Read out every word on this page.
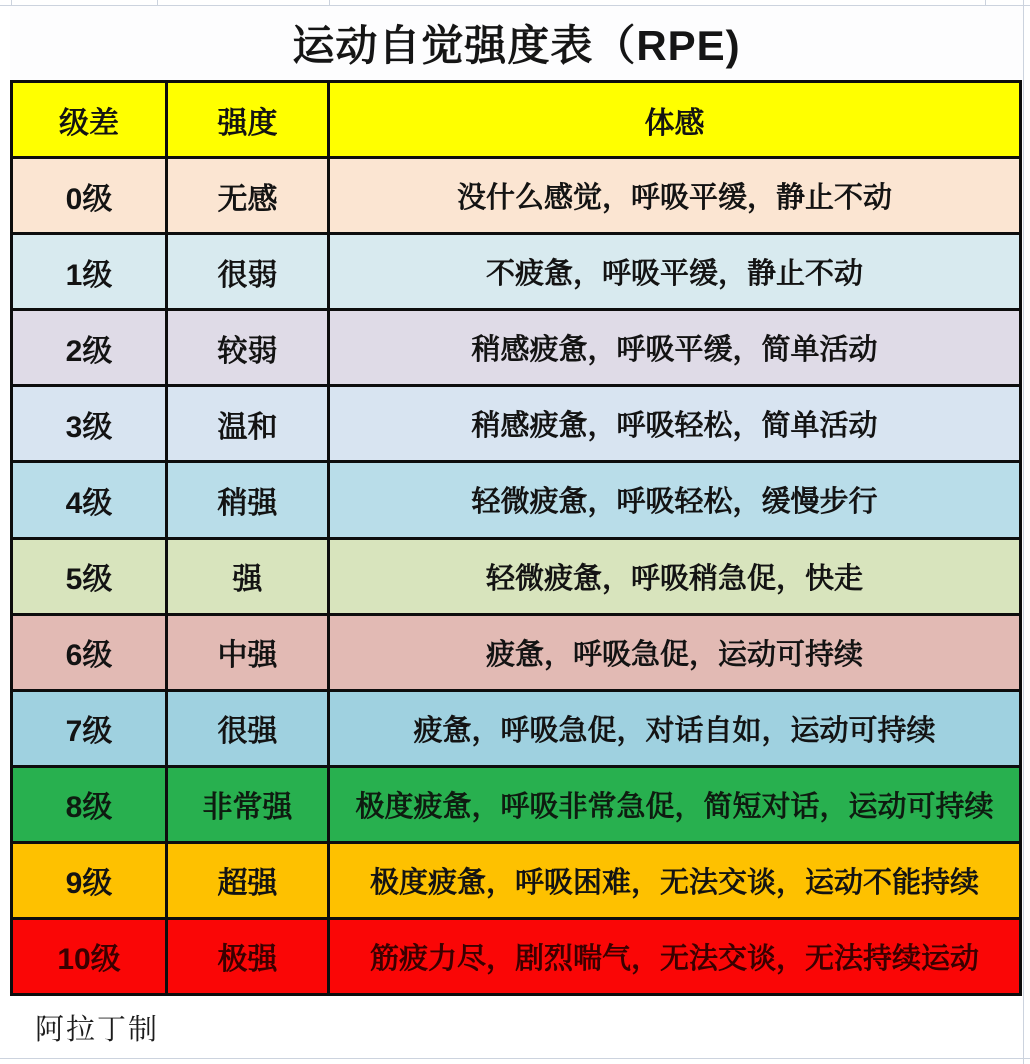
运动自觉强度表（RPE)
级差	强度	体感
0级	无感	没什么感觉，呼吸平缓，静止不动
1级	很弱	不疲惫，呼吸平缓，静止不动
2级	较弱	稍感疲惫，呼吸平缓，简单活动
3级	温和	稍感疲惫，呼吸轻松，简单活动
4级	稍强	轻微疲惫，呼吸轻松，缓慢步行
5级	强	轻微疲惫，呼吸稍急促，快走
6级	中强	疲惫，呼吸急促，运动可持续
7级	很强	疲惫，呼吸急促，对话自如，运动可持续
8级	非常强	极度疲惫，呼吸非常急促，简短对话，运动可持续
9级	超强	极度疲惫，呼吸困难，无法交谈，运动不能持续
10级	极强	筋疲力尽，剧烈喘气，无法交谈，无法持续运动
阿拉丁制
